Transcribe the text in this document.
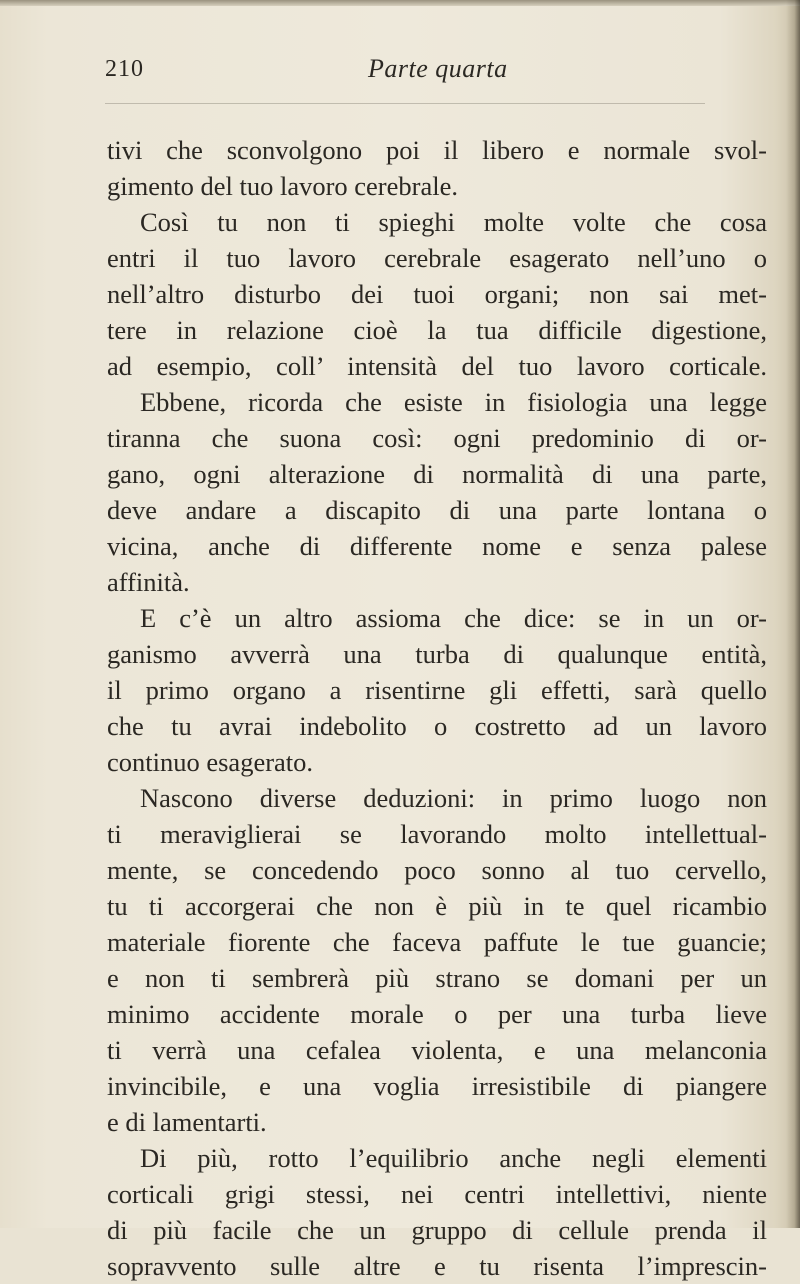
210	Parte quarta
tivi che sconvolgono poi il libero e normale svol-
gimento del tuo lavoro cerebrale.
Così tu non ti spieghi molte volte che cosa
entri il tuo lavoro cerebrale esagerato nell’uno o
nell’altro disturbo dei tuoi organi; non sai met-
tere in relazione cioè la tua difficile digestione,
ad esempio, coll’ intensità del tuo lavoro corticale.
Ebbene, ricorda che esiste in fisiologia una legge
tiranna che suona così: ogni predominio di or-
gano, ogni alterazione di normalità di una parte,
deve andare a discapito di una parte lontana o
vicina, anche di differente nome e senza palese
affinità.
E c’è un altro assioma che dice: se in un or-
ganismo avverrà una turba di qualunque entità,
il primo organo a risentirne gli effetti, sarà quello
che tu avrai indebolito o costretto ad un lavoro
continuo esagerato.
Nascono diverse deduzioni: in primo luogo non
ti meraviglierai se lavorando molto intellettual-
mente, se concedendo poco sonno al tuo cervello,
tu ti accorgerai che non è più in te quel ricambio
materiale fiorente che faceva paffute le tue guancie;
e non ti sembrerà più strano se domani per un
minimo accidente morale o per una turba lieve
ti verrà una cefalea violenta, e una melanconia
invincibile, e una voglia irresistibile di piangere
e di lamentarti.
Di più, rotto l’equilibrio anche negli elementi
corticali grigi stessi, nei centri intellettivi, niente
di più facile che un gruppo di cellule prenda il
sopravvento sulle altre e tu risenta l’imprescin-
